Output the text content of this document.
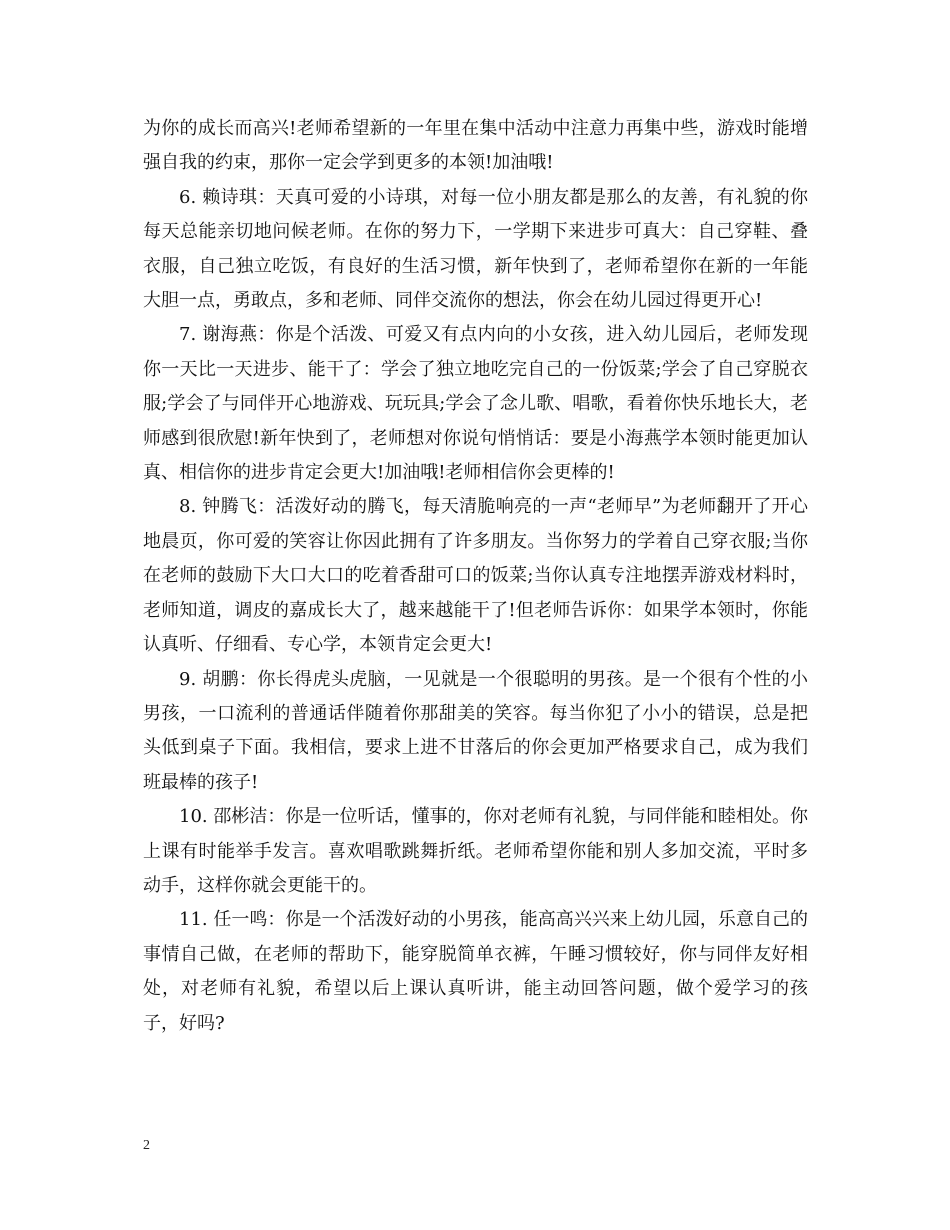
为你的成长而高兴!老师希望新的一年里在集中活动中注意力再集中些，游戏时能增强自我的约束，那你一定会学到更多的本领!加油哦!

6. 赖诗琪：天真可爱的小诗琪，对每一位小朋友都是那么的友善，有礼貌的你每天总能亲切地问候老师。在你的努力下，一学期下来进步可真大：自己穿鞋、叠衣服，自己独立吃饭，有良好的生活习惯，新年快到了，老师希望你在新的一年能大胆一点，勇敢点，多和老师、同伴交流你的想法，你会在幼儿园过得更开心!

7. 谢海燕：你是个活泼、可爱又有点内向的小女孩，进入幼儿园后，老师发现你一天比一天进步、能干了：学会了独立地吃完自己的一份饭菜;学会了自己穿脱衣服;学会了与同伴开心地游戏、玩玩具;学会了念儿歌、唱歌，看着你快乐地长大，老师感到很欣慰!新年快到了，老师想对你说句悄悄话：要是小海燕学本领时能更加认真、相信你的进步肯定会更大!加油哦!老师相信你会更棒的!

8. 钟腾飞：活泼好动的腾飞，每天清脆响亮的一声“老师早”为老师翻开了开心地晨页，你可爱的笑容让你因此拥有了许多朋友。当你努力的学着自己穿衣服;当你在老师的鼓励下大口大口的吃着香甜可口的饭菜;当你认真专注地摆弄游戏材料时，老师知道，调皮的嘉成长大了，越来越能干了!但老师告诉你：如果学本领时，你能认真听、仔细看、专心学，本领肯定会更大!

9. 胡鹏：你长得虎头虎脑，一见就是一个很聪明的男孩。是一个很有个性的小男孩，一口流利的普通话伴随着你那甜美的笑容。每当你犯了小小的错误，总是把头低到桌子下面。我相信，要求上进不甘落后的你会更加严格要求自己，成为我们班最棒的孩子!

10. 邵彬洁：你是一位听话，懂事的，你对老师有礼貌，与同伴能和睦相处。你上课有时能举手发言。喜欢唱歌跳舞折纸。老师希望你能和别人多加交流，平时多动手，这样你就会更能干的。

11. 任一鸣：你是一个活泼好动的小男孩，能高高兴兴来上幼儿园，乐意自己的事情自己做，在老师的帮助下，能穿脱简单衣裤，午睡习惯较好，你与同伴友好相处，对老师有礼貌，希望以后上课认真听讲，能主动回答问题，做个爱学习的孩子，好吗?

2
